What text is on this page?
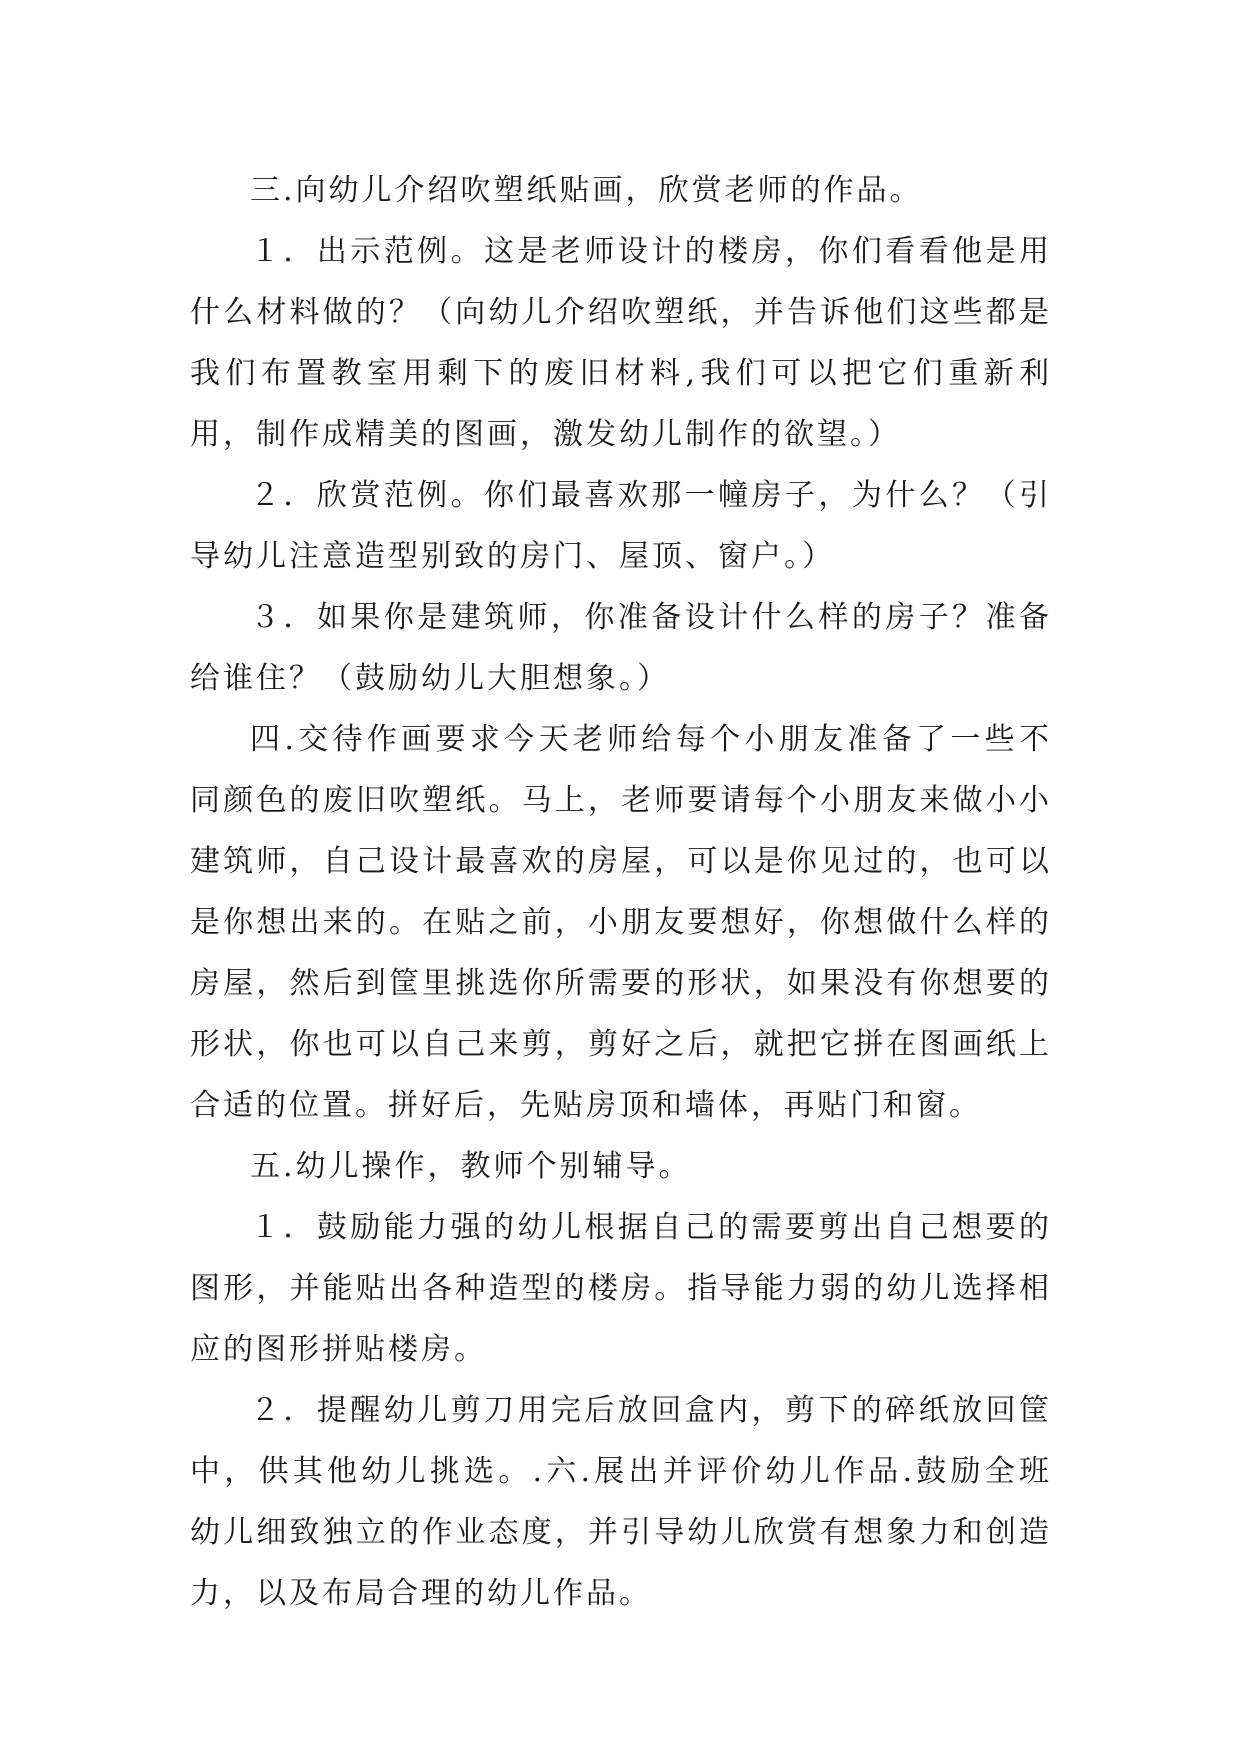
三.向幼儿介绍吹塑纸贴画，欣赏老师的作品。

１．出示范例。这是老师设计的楼房，你们看看他是用什么材料做的？（向幼儿介绍吹塑纸，并告诉他们这些都是我们布置教室用剩下的废旧材料,我们可以把它们重新利用，制作成精美的图画，激发幼儿制作的欲望。）

２．欣赏范例。你们最喜欢那一幢房子，为什么？（引导幼儿注意造型别致的房门、屋顶、窗户。）

３．如果你是建筑师，你准备设计什么样的房子？准备给谁住？（鼓励幼儿大胆想象。）

四.交待作画要求今天老师给每个小朋友准备了一些不同颜色的废旧吹塑纸。马上，老师要请每个小朋友来做小小建筑师，自己设计最喜欢的房屋，可以是你见过的，也可以是你想出来的。在贴之前，小朋友要想好，你想做什么样的房屋，然后到筐里挑选你所需要的形状，如果没有你想要的形状，你也可以自己来剪，剪好之后，就把它拼在图画纸上合适的位置。拼好后，先贴房顶和墙体，再贴门和窗。

五.幼儿操作，教师个别辅导。

１．鼓励能力强的幼儿根据自己的需要剪出自己想要的图形，并能贴出各种造型的楼房。指导能力弱的幼儿选择相应的图形拼贴楼房。

２．提醒幼儿剪刀用完后放回盒内，剪下的碎纸放回筐中，供其他幼儿挑选。.六.展出并评价幼儿作品.鼓励全班幼儿细致独立的作业态度，并引导幼儿欣赏有想象力和创造力，以及布局合理的幼儿作品。
